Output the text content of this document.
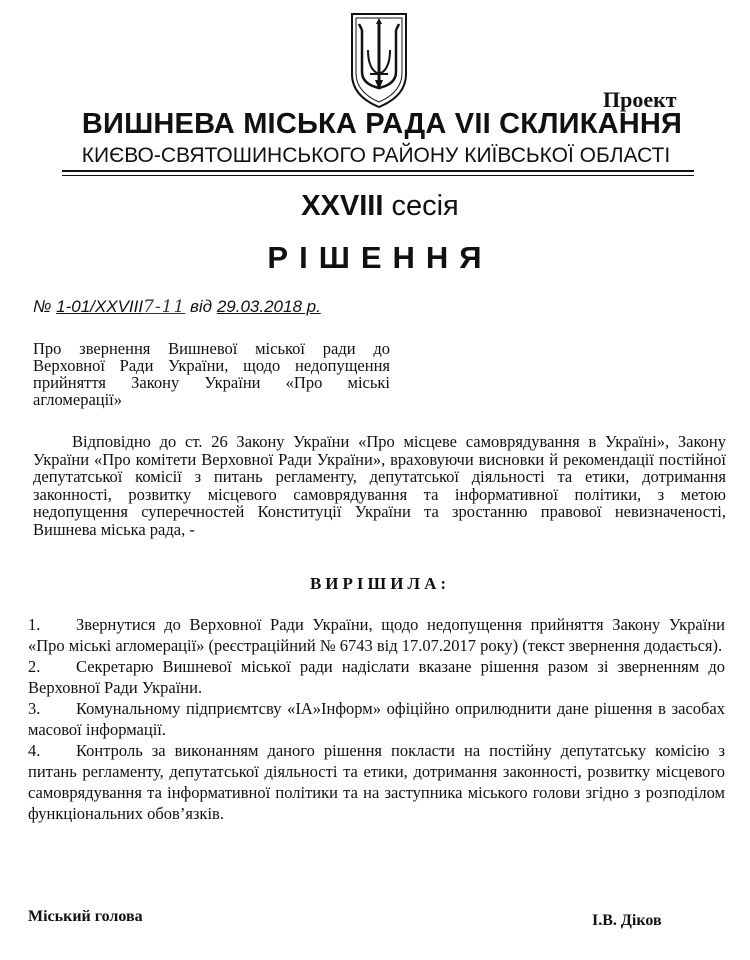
Проект
ВИШНЕВА МІСЬКА РАДА VII СКЛИКАННЯ
КИЄВО-СВЯТОШИНСЬКОГО РАЙОНУ КИЇВСЬКОЇ ОБЛАСТІ
XXVIII сесія
РІШЕННЯ
№ 1-01/XXVIII7-11 від 29.03.2018 р.
Про звернення Вишневої міської ради до Верховної Ради України, щодо недопущення прийняття Закону України «Про міські агломерації»

Відповідно до ст. 26 Закону України «Про місцеве самоврядування в Україні», Закону України «Про комітети Верховної Ради України», враховуючи висновки й рекомендації постійної депутатської комісії з питань регламенту, депутатської діяльності та етики, дотримання законності, розвитку місцевого самоврядування та інформативної політики, з метою недопущення суперечностей Конституції України та зростанню правової невизначеності, Вишнева міська рада, -

ВИРІШИЛА:
1. Звернутися до Верховної Ради України, щодо недопущення прийняття Закону України «Про міські агломерації» (реєстраційний № 6743 від 17.07.2017 року) (текст звернення додається).
2. Секретарю Вишневої міської ради надіслати вказане рішення разом зі зверненням до Верховної Ради України.
3. Комунальному підприємтсву «ІА»Інформ» офіційно оприлюднити дане рішення в засобах масової інформації.
4. Контроль за виконанням даного рішення покласти на постійну депутатську комісію з питань регламенту, депутатської діяльності та етики, дотримання законності, розвитку місцевого самоврядування та інформативної політики та на заступника міського голови згідно з розподілом функціональних обов’язків.
Міський голова	І.В. Діков
